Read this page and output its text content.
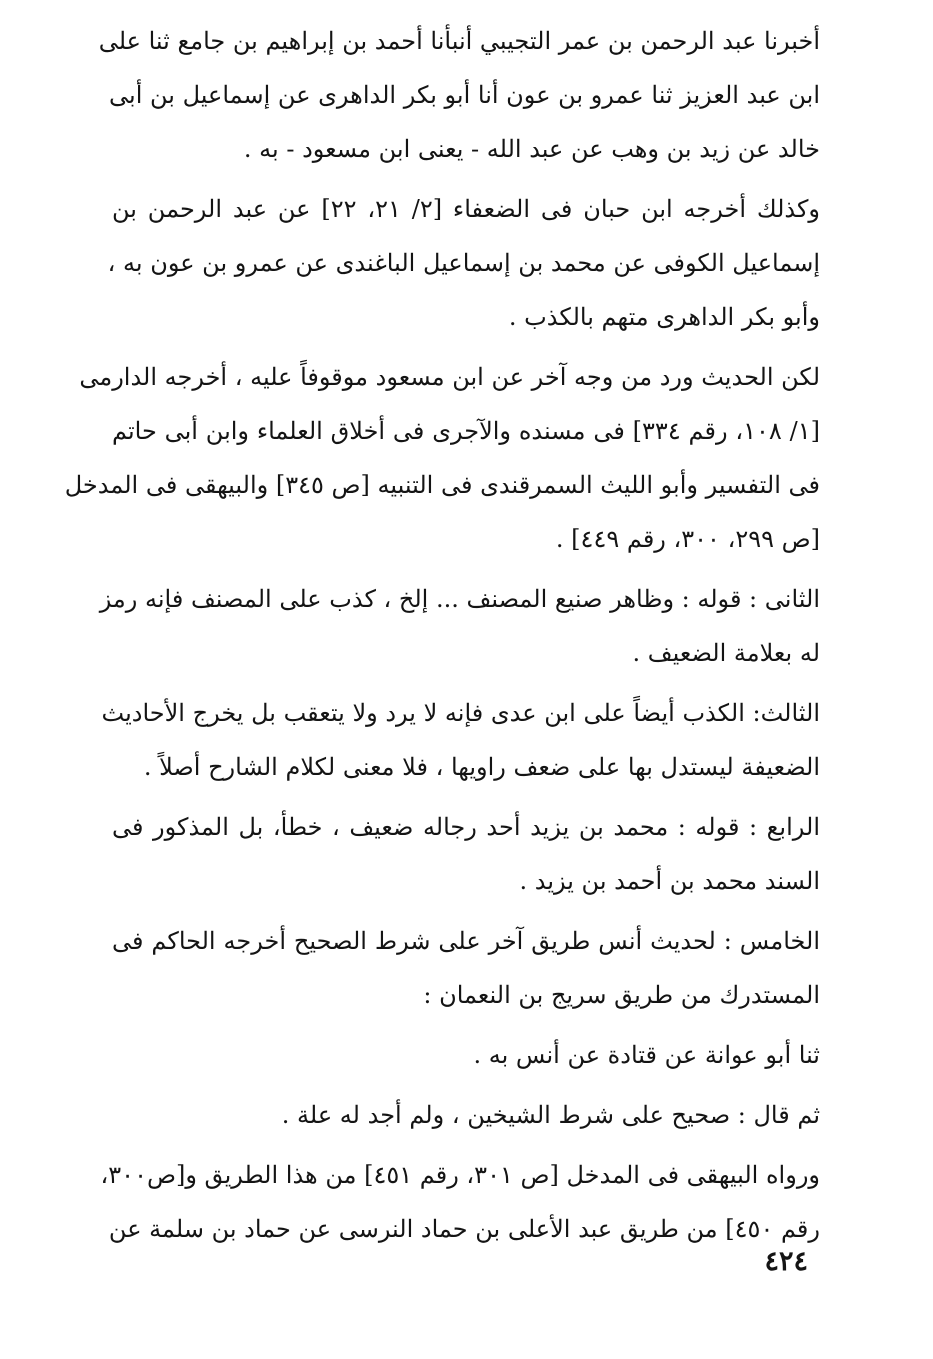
أخبرنا عبد الرحمن بن عمر التجيبي أنبأنا أحمد بن إبراهيم بن جامع ثنا على
ابن عبد العزيز ثنا عمرو بن عون أنا أبو بكر الداهرى عن إسماعيل بن أبى
خالد عن زيد بن وهب عن عبد الله - يعنى ابن مسعود - به .

وكذلك أخرجه ابن حبان فى الضعفاء [٢/ ٢١، ٢٢] عن عبد الرحمن بن
إسماعيل الكوفى عن محمد بن إسماعيل الباغندى عن عمرو بن عون به ،
وأبو بكر الداهرى متهم بالكذب .

لكن الحديث ورد من وجه آخر عن ابن مسعود موقوفاً عليه ، أخرجه الدارمى
[١/ ١٠٨، رقم ٣٣٤] فى مسنده والآجرى فى أخلاق العلماء وابن أبى حاتم
فى التفسير وأبو الليث السمرقندى فى التنبيه [ص ٣٤٥] والبيهقى فى المدخل
[ص ٢٩٩، ٣٠٠، رقم ٤٤٩] .

الثانى : قوله : وظاهر صنيع المصنف ... إلخ ، كذب على المصنف فإنه رمز
له بعلامة الضعيف .

الثالث: الكذب أيضاً على ابن عدى فإنه لا يرد ولا يتعقب بل يخرج الأحاديث
الضعيفة ليستدل بها على ضعف راويها ، فلا معنى لكلام الشارح أصلاً .

الرابع : قوله : محمد بن يزيد أحد رجاله ضعيف ، خطأ، بل المذكور فى
السند محمد بن أحمد بن يزيد .

الخامس : لحديث أنس طريق آخر على شرط الصحيح أخرجه الحاكم فى
المستدرك من طريق سريج بن النعمان :

ثنا أبو عوانة عن قتادة عن أنس به .

ثم قال : صحيح على شرط الشيخين ، ولم أجد له علة .

ورواه البيهقى فى المدخل [ص ٣٠١، رقم ٤٥١] من هذا الطريق و[ص٣٠٠،
رقم ٤٥٠] من طريق عبد الأعلى بن حماد النرسى عن حماد بن سلمة عن

٤٢٤
